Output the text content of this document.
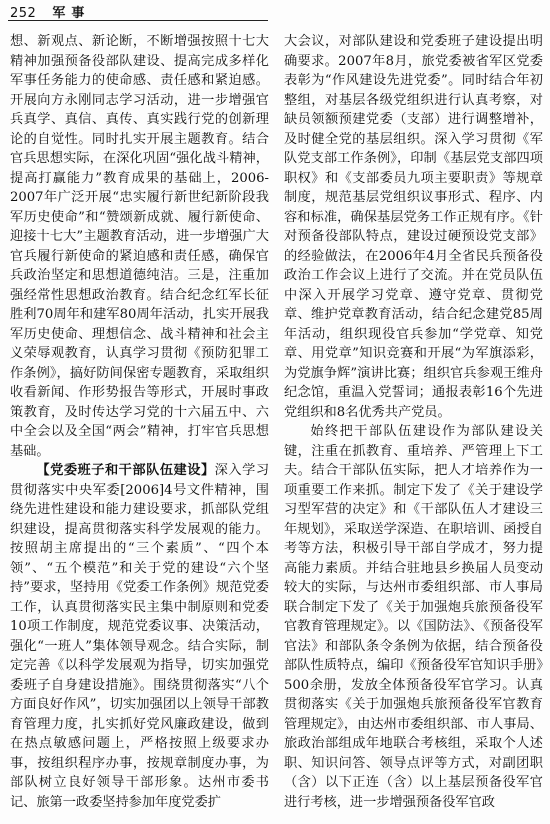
252 军事

想、新观点、新论断，不断增强按照十七大精神加强预备役部队建设、提高完成多样化军事任务能力的使命感、责任感和紧迫感。开展向方永刚同志学习活动，进一步增强官兵真学、真信、真传、真实践行党的创新理论的自觉性。同时扎实开展主题教育。结合官兵思想实际，在深化巩固“强化战斗精神，提高打赢能力”教育成果的基础上，2006-2007年广泛开展“忠实履行新世纪新阶段我军历史使命”和“赞颂新成就、履行新使命、迎接十七大”主题教育活动，进一步增强广大官兵履行新使命的紧迫感和责任感，确保官兵政治坚定和思想道德纯洁。三是，注重加强经常性思想政治教育。结合纪念红军长征胜利70周年和建军80周年活动，扎实开展我军历史使命、理想信念、战斗精神和社会主义荣辱观教育，认真学习贯彻《预防犯罪工作条例》，搞好防间保密专题教育，采取组织收看新闻、作形势报告等形式，开展时事政策教育，及时传达学习党的十六届五中、六中全会以及全国“两会”精神，打牢官兵思想基础。

【党委班子和干部队伍建设】深入学习贯彻落实中央军委[2006]4号文件精神，围绕先进性建设和能力建设要求，抓部队党组织建设，提高贯彻落实科学发展观的能力。按照胡主席提出的“三个素质”、“四个本领”、“五个模范”和关于党的建设“六个坚持”要求，坚持用《党委工作条例》规范党委工作，认真贯彻落实民主集中制原则和党委10项工作制度，规范党委议事、决策活动，强化“一班人”集体领导观念。结合实际，制定完善《以科学发展观为指导，切实加强党委班子自身建设措施》。围绕贯彻落实“八个方面良好作风”，切实加强团以上领导干部教育管理力度，扎实抓好党风廉政建设，做到在热点敏感问题上，严格按照上级要求办事，按组织程序办事，按规章制度办事，为部队树立良好领导干部形象。达州市委书记、旅第一政委坚持参加年度党委扩

大会议，对部队建设和党委班子建设提出明确要求。2007年8月，旅党委被省军区党委表彰为“作风建设先进党委”。同时结合年初整组，对基层各级党组织进行认真考察，对缺员领额预建党委（支部）进行调整增补，及时健全党的基层组织。深入学习贯彻《军队党支部工作条例》，印制《基层党支部四项职权》和《支部委员九项主要职责》等规章制度，规范基层党组织议事形式、程序、内容和标准，确保基层党务工作正规有序。《针对预备役部队特点，建设过硬预设党支部》的经验做法，在2006年4月全省民兵预备役政治工作会议上进行了交流。并在党员队伍中深入开展学习党章、遵守党章、贯彻党章、维护党章教育活动，结合纪念建党85周年活动，组织现役官兵参加“学党章、知党章、用党章”知识竞赛和开展“为军旗添彩，为党旗争辉”演讲比赛；组织官兵参观王维舟纪念馆，重温入党誓词；通报表彰16个先进党组织和8名优秀共产党员。

始终把干部队伍建设作为部队建设关键，注重在抓教育、重培养、严管理上下工夫。结合干部队伍实际，把人才培养作为一项重要工作来抓。制定下发了《关于建设学习型军营的决定》和《干部队伍人才建设三年规划》，采取送学深造、在职培训、函授自考等方法，积极引导干部自学成才，努力提高能力素质。并结合驻地县乡换届人员变动较大的实际，与达州市委组织部、市人事局联合制定下发了《关于加强炮兵旅预备役军官教育管理规定》。以《国防法》、《预备役军官法》和部队条令条例为依据，结合预备役部队性质特点，编印《预备役军官知识手册》500余册，发放全体预备役军官学习。认真贯彻落实《关于加强炮兵旅预备役军官教育管理规定》，由达州市委组织部、市人事局、旅政治部组成年地联合考核组，采取个人述职、知识问答、领导点评等方式，对副团职（含）以下正连（含）以上基层预备役军官进行考核，进一步增强预备役军官政
